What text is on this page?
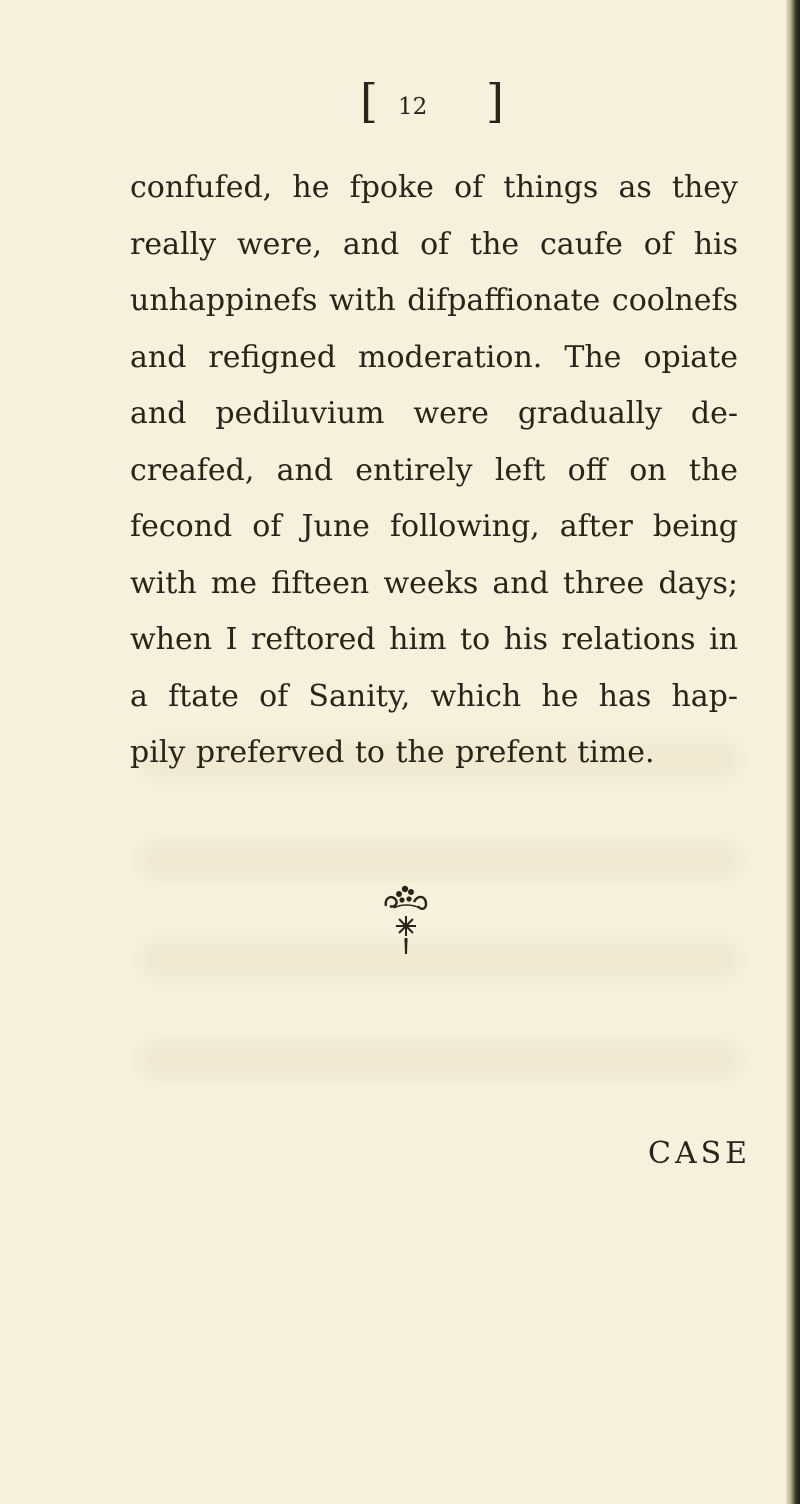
[ 12 ]
confufed, he fpoke of things as they
really were, and of the caufe of his
unhappinefs with difpaffionate coolnefs
and refigned moderation. The opiate
and pediluvium were gradually de-
creafed, and entirely left off on the
fecond of June following, after being
with me fifteen weeks and three days;
when I reftored him to his relations in
a ftate of Sanity, which he has hap-
pily preferved to the prefent time.
CASE
